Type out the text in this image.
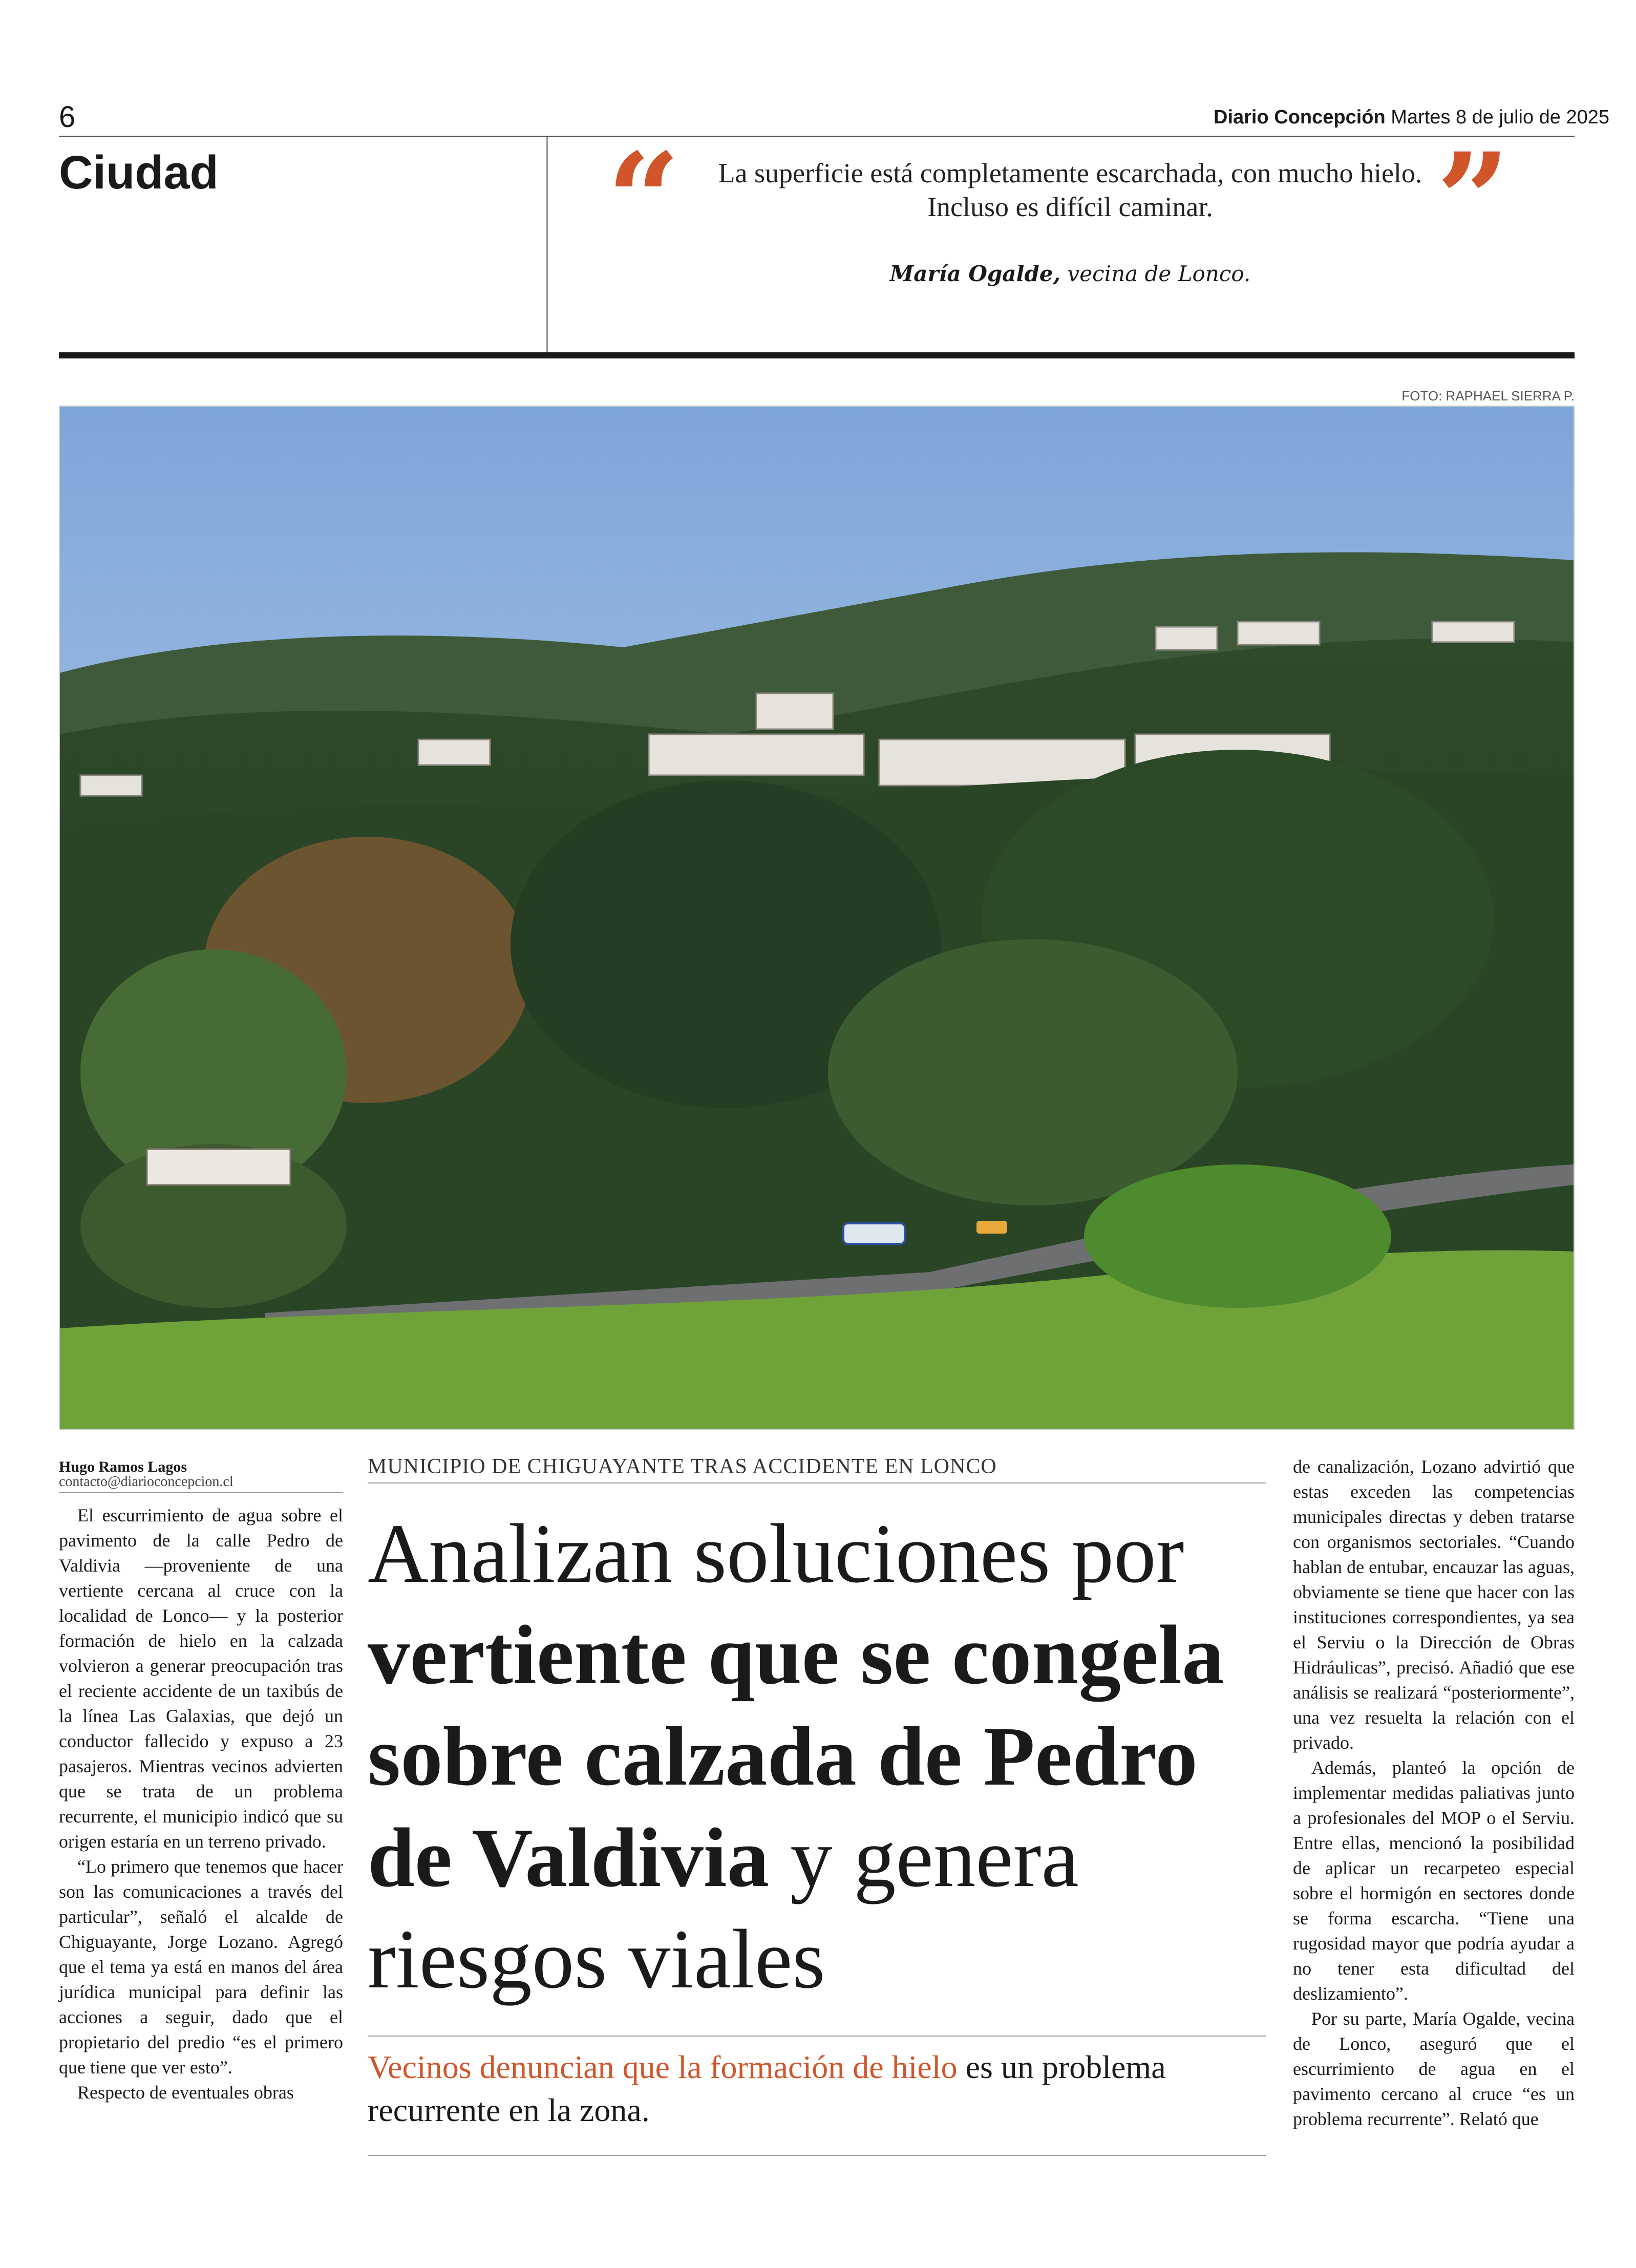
6	Diario Concepción Martes 8 de julio de 2025
Ciudad	“	La superficie está completamente escarchada, con mucho hielo.
Incluso es difícil caminar.	”
María Ogalde, vecina de Lonco.
FOTO: RAPHAEL SIERRA P.
Hugo Ramos Lagos
contacto@diarioconcepcion.cl

El escurrimiento de agua sobre el pavimento de la calle Pedro de Valdivia —proveniente de una vertiente cercana al cruce con la localidad de Lonco— y la posterior formación de hielo en la calzada volvieron a generar preocupación tras el reciente accidente de un taxibús de la línea Las Galaxias, que dejó un conductor fallecido y expuso a 23 pasajeros. Mientras vecinos advierten que se trata de un problema recurrente, el municipio indicó que su origen estaría en un terreno privado.

“Lo primero que tenemos que hacer son las comunicaciones a través del particular”, señaló el alcalde de Chiguayante, Jorge Lozano. Agregó que el tema ya está en manos del área jurídica municipal para definir las acciones a seguir, dado que el propietario del predio “es el primero que tiene que ver esto”.

Respecto de eventuales obras

MUNICIPIO DE CHIGUAYANTE TRAS ACCIDENTE EN LONCO
Analizan soluciones por vertiente que se congela sobre calzada de Pedro de Valdivia y genera riesgos viales
Vecinos denuncian que la formación de hielo es un problema recurrente en la zona.

de canalización, Lozano advirtió que estas exceden las competencias municipales directas y deben tratarse con organismos sectoriales. “Cuando hablan de entubar, encauzar las aguas, obviamente se tiene que hacer con las instituciones correspondientes, ya sea el Serviu o la Dirección de Obras Hidráulicas”, precisó. Añadió que ese análisis se realizará “posteriormente”, una vez resuelta la relación con el privado.

Además, planteó la opción de implementar medidas paliativas junto a profesionales del MOP o el Serviu. Entre ellas, mencionó la posibilidad de aplicar un recarpeteo especial sobre el hormigón en sectores donde se forma escarcha. “Tiene una rugosidad mayor que podría ayudar a no tener esta dificultad del deslizamiento”.

Por su parte, María Ogalde, vecina de Lonco, aseguró que el escurrimiento de agua en el pavimento cercano al cruce “es un problema recurrente”. Relató que
